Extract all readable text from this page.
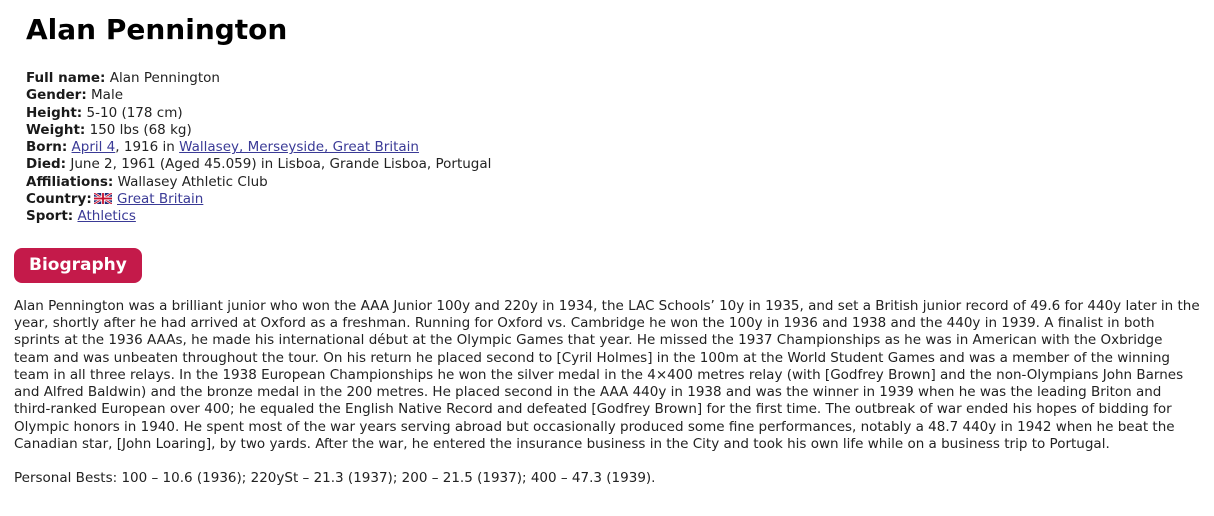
Alan Pennington
Full name: Alan Pennington
Gender: Male
Height: 5-10 (178 cm)
Weight: 150 lbs (68 kg)
Born: April 4, 1916 in Wallasey, Merseyside, Great Britain
Died: June 2, 1961 (Aged 45.059) in Lisboa, Grande Lisboa, Portugal
Affiliations: Wallasey Athletic Club
Country: Great Britain
Sport: Athletics
Biography

Alan Pennington was a brilliant junior who won the AAA Junior 100y and 220y in 1934, the LAC Schools’ 10y in 1935, and set a British junior record of 49.6 for 440y later in the year, shortly after he had arrived at Oxford as a freshman. Running for Oxford vs. Cambridge he won the 100y in 1936 and 1938 and the 440y in 1939. A finalist in both sprints at the 1936 AAAs, he made his international début at the Olympic Games that year. He missed the 1937 Championships as he was in American with the Oxbridge team and was unbeaten throughout the tour. On his return he placed second to [Cyril Holmes] in the 100m at the World Student Games and was a member of the winning team in all three relays. In the 1938 European Championships he won the silver medal in the 4×400 metres relay (with [Godfrey Brown] and the non-Olympians John Barnes and Alfred Baldwin) and the bronze medal in the 200 metres. He placed second in the AAA 440y in 1938 and was the winner in 1939 when he was the leading Briton and third-ranked European over 400; he equaled the English Native Record and defeated [Godfrey Brown] for the first time. The outbreak of war ended his hopes of bidding for Olympic honors in 1940. He spent most of the war years serving abroad but occasionally produced some fine performances, notably a 48.7 440y in 1942 when he beat the Canadian star, [John Loaring], by two yards. After the war, he entered the insurance business in the City and took his own life while on a business trip to Portugal.

Personal Bests: 100 – 10.6 (1936); 220ySt – 21.3 (1937); 200 – 21.5 (1937); 400 – 47.3 (1939).
